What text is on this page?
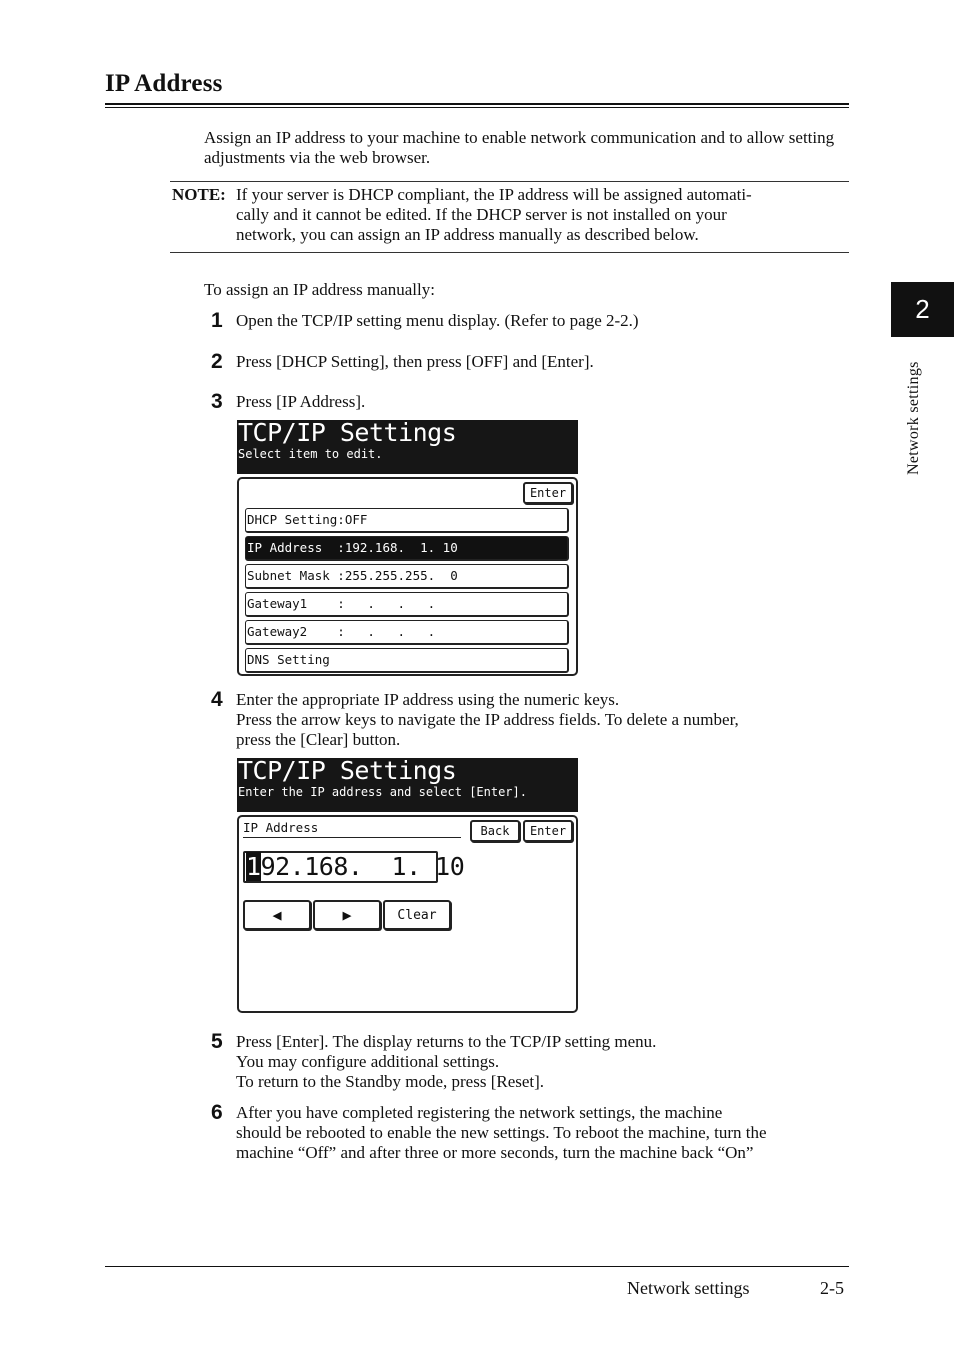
IP Address
Assign an IP address to your machine to enable network communication and to allow setting adjustments via the web browser.
NOTE: If your server is DHCP compliant, the IP address will be assigned automati-
cally and it cannot be edited. If the DHCP server is not installed on your
network, you can assign an IP address manually as described below.
To assign an IP address manually:
1 Open the TCP/IP setting menu display. (Refer to page 2-2.)
2 Press [DHCP Setting], then press [OFF] and [Enter].
3 Press [IP Address].
TCP/IP Settings
Select item to edit.
Enter
DHCP Setting:OFF
IP Address  :192.168.  1. 10
Subnet Mask :255.255.255.  0
Gateway1    :   .   .   .
Gateway2    :   .   .   .
DNS Setting
4 Enter the appropriate IP address using the numeric keys.
Press the arrow keys to navigate the IP address fields. To delete a number,
press the [Clear] button.
TCP/IP Settings
Enter the IP address and select [Enter].
IP Address	Back	Enter
192.168.  1. 10
◀	▶	Clear
5 Press [Enter]. The display returns to the TCP/IP setting menu.
You may configure additional settings.
To return to the Standby mode, press [Reset].
6 After you have completed registering the network settings, the machine
should be rebooted to enable the new settings. To reboot the machine, turn the
machine “Off” and after three or more seconds, turn the machine back “On”
2
Network settings
Network settings	2-5
